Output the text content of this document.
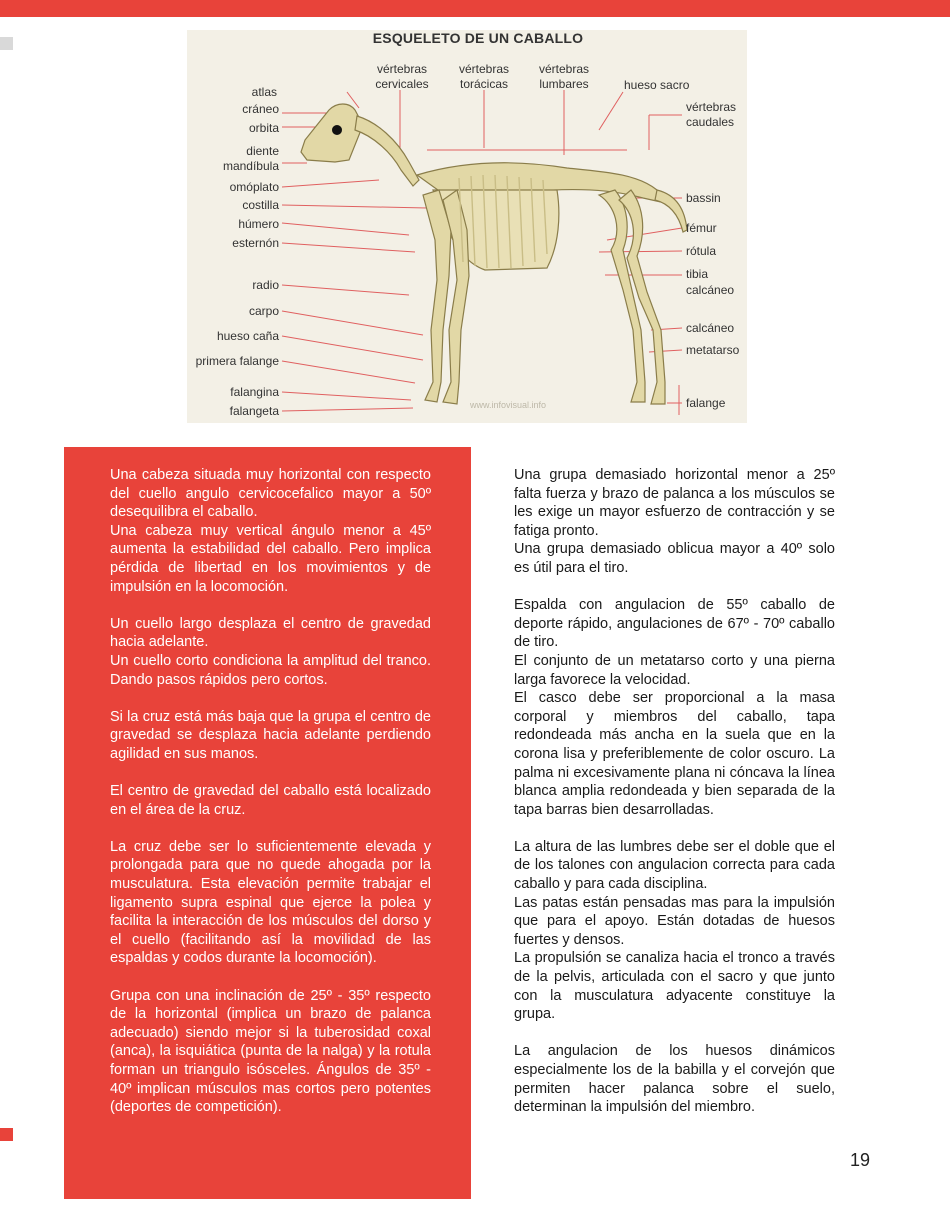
ESQUELETO DE UN CABALLO
atlas
vértebras
cervicales
vértebras
torácicas
vértebras
lumbares	hueso sacro
vértebras
caudales
cráneo
orbita
diente
mandíbula
omóplato
costilla
húmero
esternón
radio
carpo
hueso caña
primera falange
falangina
falangeta
bassin
fémur
rótula
tibia
calcáneo
calcáneo
metatarso
falange
www.infovisual.info

Una cabeza situada muy horizontal con respecto del cuello angulo cervicocefalico mayor a 50º desequilibra el caballo.
Una cabeza muy vertical ángulo menor a 45º aumenta la estabilidad del caballo. Pero implica pérdida de libertad en los movimientos y de impulsión en la locomoción.

Un cuello largo desplaza el centro de gravedad hacia adelante.
Un cuello corto condiciona la amplitud del tranco. Dando pasos rápidos pero cortos.

Si la cruz está más baja que la grupa el centro de gravedad se desplaza hacia adelante perdiendo agilidad en sus manos.

El centro de gravedad del caballo está localizado en el área de la cruz.

La cruz debe ser lo suficientemente elevada y prolongada para que no quede ahogada por la musculatura. Esta elevación permite trabajar el ligamento supra espinal que ejerce la polea y facilita la interacción de los músculos del dorso y el cuello (facilitando así la movilidad de las espaldas y codos durante la locomoción).

Grupa con una inclinación de 25º - 35º respecto de la horizontal (implica un brazo de palanca adecuado) siendo mejor si la tuberosidad coxal (anca), la isquiática (punta de la nalga) y la rotula forman un triangulo isósceles. Ángulos de 35º - 40º implican músculos mas cortos pero potentes (deportes de competición).

Una grupa demasiado horizontal menor a 25º falta fuerza y brazo de palanca a los músculos se les exige un mayor esfuerzo de contracción y se fatiga pronto.
Una grupa demasiado oblicua mayor a 40º solo es útil para el tiro.

Espalda con angulacion de 55º caballo de deporte rápido, angulaciones de 67º - 70º caballo de tiro.
El conjunto de un metatarso corto y una pierna larga favorece la velocidad.
El casco debe ser proporcional a la masa corporal y miembros del caballo, tapa redondeada más ancha en la suela que en la corona lisa y preferiblemente de color oscuro. La palma ni excesivamente plana ni cóncava la línea blanca amplia redondeada y bien separada de la tapa barras bien desarrolladas.

La altura de las lumbres debe ser el doble que el de los talones con angulacion correcta para cada caballo y para cada disciplina.
Las patas están pensadas mas para la impulsión que para el apoyo. Están dotadas de huesos fuertes y densos.
La propulsión se canaliza hacia el tronco a través de la pelvis, articulada con el sacro y que junto con la musculatura adyacente constituye la grupa.

La angulacion de los huesos dinámicos especialmente los de la babilla y el corvejón que permiten hacer palanca sobre el suelo, determinan la impulsión del miembro.

19
